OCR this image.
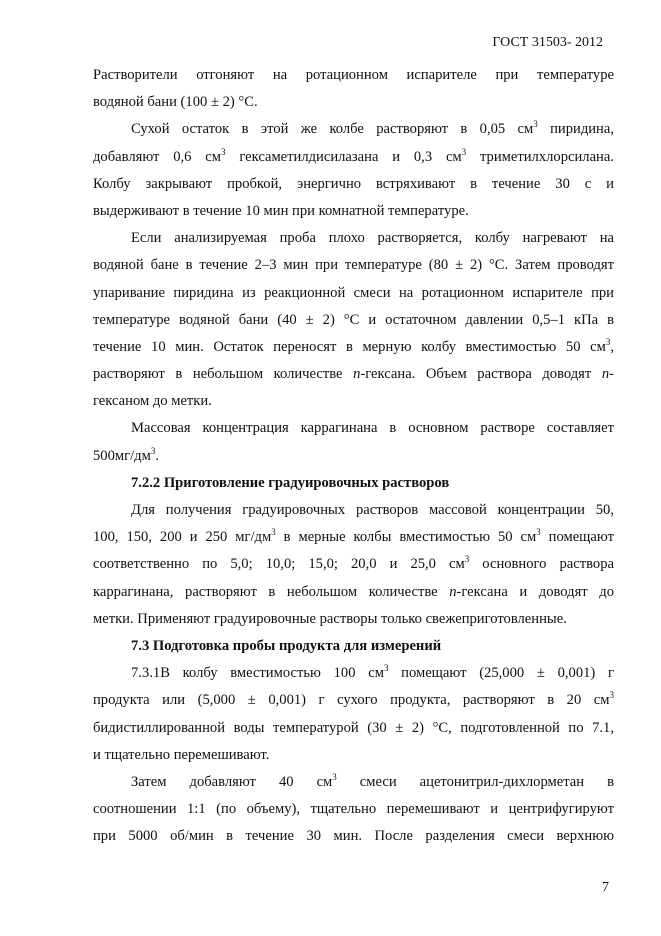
ГОСТ 31503- 2012
Растворители отгоняют на ротационном испарителе при температуре
водяной бани (100 ± 2) °С.
Сухой остаток в этой же колбе растворяют в 0,05 $см^3$ пиридина,
добавляют 0,6 $см^3$ гексаметилдисилазана и 0,3 $см^3$ триметилхлорсилана.
Колбу закрывают пробкой, энергично встряхивают в течение 30 с и
выдерживают в течение 10 мин при комнатной температуре.
Если анализируемая проба плохо растворяется, колбу нагревают на
водяной бане в течение 2‒3 мин при температуре (80 ± 2) °С. Затем проводят
упаривание пиридина из реакционной смеси на ротационном испарителе при
температуре водяной бани (40 ± 2) °С и остаточном давлении 0,5‒1 кПа в
течение 10 мин. Остаток переносят в мерную колбу вместимостью 50 $см^3$,
растворяют в небольшом количестве n-гексана. Объем раствора доводят n-
гексаном до метки.
Массовая концентрация каррагинана в основном растворе составляет
$500мг/дм^3$.
7.2.2 Приготовление градуировочных растворов
Для получения градуировочных растворов массовой концентрации 50,
100, 150, 200 и 250 $мг/дм^3$ в мерные колбы вместимостью 50 $см^3$ помещают
соответственно по 5,0; 10,0; 15,0; 20,0 и 25,0 $см^3$ основного раствора
каррагинана, растворяют в небольшом количестве n-гексана и доводят до
метки. Применяют градуировочные растворы только свежеприготовленные.
7.3 Подготовка пробы продукта для измерений
7.3.1В колбу вместимостью 100 $см^3$ помещают (25,000 ± 0,001) г
продукта или (5,000 ± 0,001) г сухого продукта, растворяют в 20 $см^3$
бидистиллированной воды температурой (30 ± 2) °С, подготовленной по 7.1,
и тщательно перемешивают.
Затем добавляют 40 $см^3$ смеси ацетонитрил-дихлорметан в
соотношении 1:1 (по объему), тщательно перемешивают и центрифугируют
при 5000 об/мин в течение 30 мин. После разделения смеси верхнюю
7
